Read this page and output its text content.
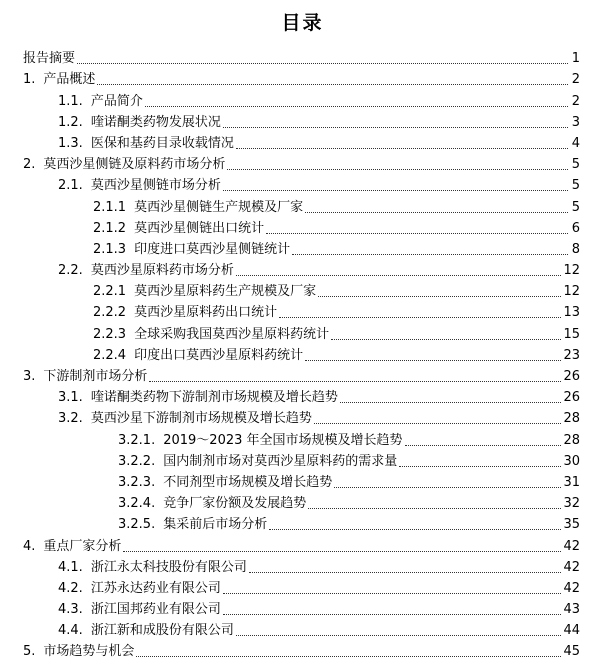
目录
报告摘要	1
1. 产品概述	2
1.1. 产品简介	2
1.2. 喹诺酮类药物发展状况	3
1.3. 医保和基药目录收载情况	4
2. 莫西沙星侧链及原料药市场分析	5
2.1. 莫西沙星侧链市场分析	5
2.1.1 莫西沙星侧链生产规模及厂家	5
2.1.2 莫西沙星侧链出口统计	6
2.1.3 印度进口莫西沙星侧链统计	8
2.2. 莫西沙星原料药市场分析	12
2.2.1 莫西沙星原料药生产规模及厂家	12
2.2.2 莫西沙星原料药出口统计	13
2.2.3 全球采购我国莫西沙星原料药统计	15
2.2.4 印度出口莫西沙星原料药统计	23
3. 下游制剂市场分析	26
3.1. 喹诺酮类药物下游制剂市场规模及增长趋势	26
3.2. 莫西沙星下游制剂市场规模及增长趋势	28
3.2.1. 2019～2023 年全国市场规模及增长趋势	28
3.2.2. 国内制剂市场对莫西沙星原料药的需求量	30
3.2.3. 不同剂型市场规模及增长趋势	31
3.2.4. 竞争厂家份额及发展趋势	32
3.2.5. 集采前后市场分析	35
4. 重点厂家分析	42
4.1. 浙江永太科技股份有限公司	42
4.2. 江苏永达药业有限公司	42
4.3. 浙江国邦药业有限公司	43
4.4. 浙江新和成股份有限公司	44
5. 市场趋势与机会	45
